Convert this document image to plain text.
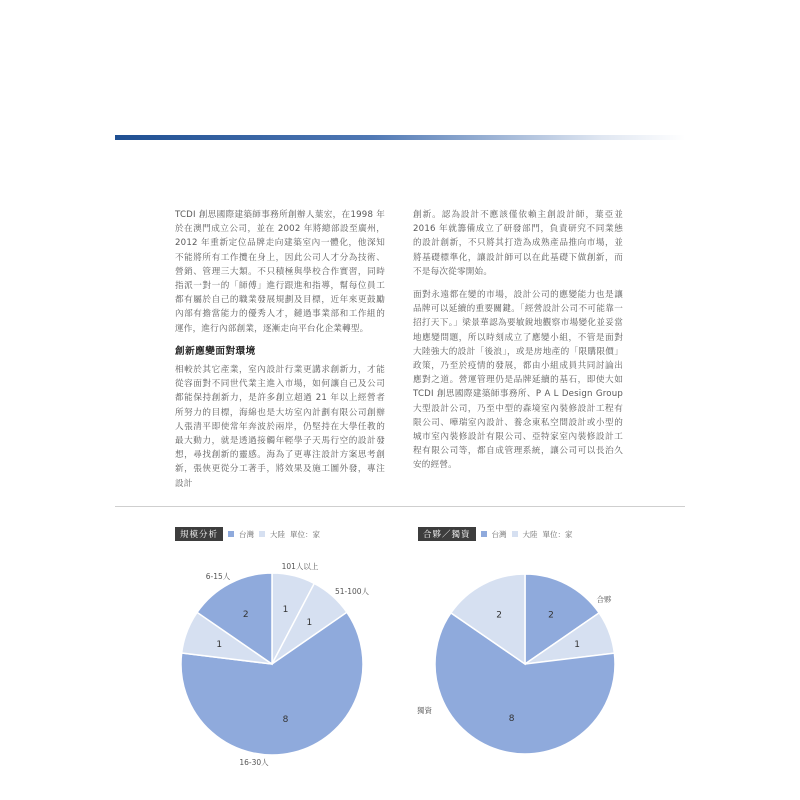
TCDI 創思國際建築師事務所創辦人葉宏，在1998 年於在澳門成立公司，並在 2002 年將總部設至廣州，2012 年重新定位品牌走向建築室內一體化，他深知不能將所有工作攬在身上，因此公司人才分為技術、營銷、管理三大類。不只積極與學校合作實習，同時指派一對一的「師傅」進行跟進和指導，幫每位員工都有屬於自己的職業發展規劃及目標，近年來更鼓勵內部有擔當能力的優秀人才，鏈過事業部和工作組的運作，進行內部創業，逐漸走向平台化企業轉型。

創新應變面對環境

相較於其它產業，室內設計行業更講求創新力，才能從容面對不同世代業主進入市場，如何讓自己及公司都能保持創新力，是許多創立超過 21 年以上經營者所努力的目標，海綿也是大坊室內計劃有限公司創辦人張清平即使常年奔波於兩岸，仍堅持在大學任教的最大動力，就是透過接觸年輕學子天馬行空的設計發想，尋找創新的靈感。海為了更專注設計方案思考創新，張俠更從分工著手，將效果及施工圖外發，專注設計

創新。認為設計不應該僅依賴主創設計師，葉亞並2016 年就籌備成立了研發部門，負責研究不同業態的設計創新，不只將其打造為成熟產品推向市場，並將基礎標準化，讓設計師可以在此基礎下做創新，而不是每次從零開始。

面對永遠都在變的市場，設計公司的應變能力也是讓品牌可以延續的重要關鍵。「經營設計公司不可能靠一招打天下。」梁景華認為要敏銳地觀察市場變化並妥當地應變問題，所以時刻成立了應變小組，不管是面對大陸強大的設計「後浪」，或是房地產的「限購限價」政策，乃至於疫情的發展，都由小組成員共同討論出應對之道。營運管理仍是品牌延續的基石，即使大如 TCDI 創思國際建築師事務所、P A L Design Group 大型設計公司，乃至中型的森境室內裝修設計工程有限公司、嘩瑞室內設計、養念東私空間設計或小型的城市室內裝修設計有限公司、亞特家室內裝修設計工程有限公司等，都自成管理系統，讓公司可以長治久安的經營。

規模分析	台灣 大陸 單位：家	合夥／獨資	台灣 大陸 單位：家
1
101人以上
1
51-100人
8
16-30人
1
2
6-15人
2
1
合夥
8
2
獨資
